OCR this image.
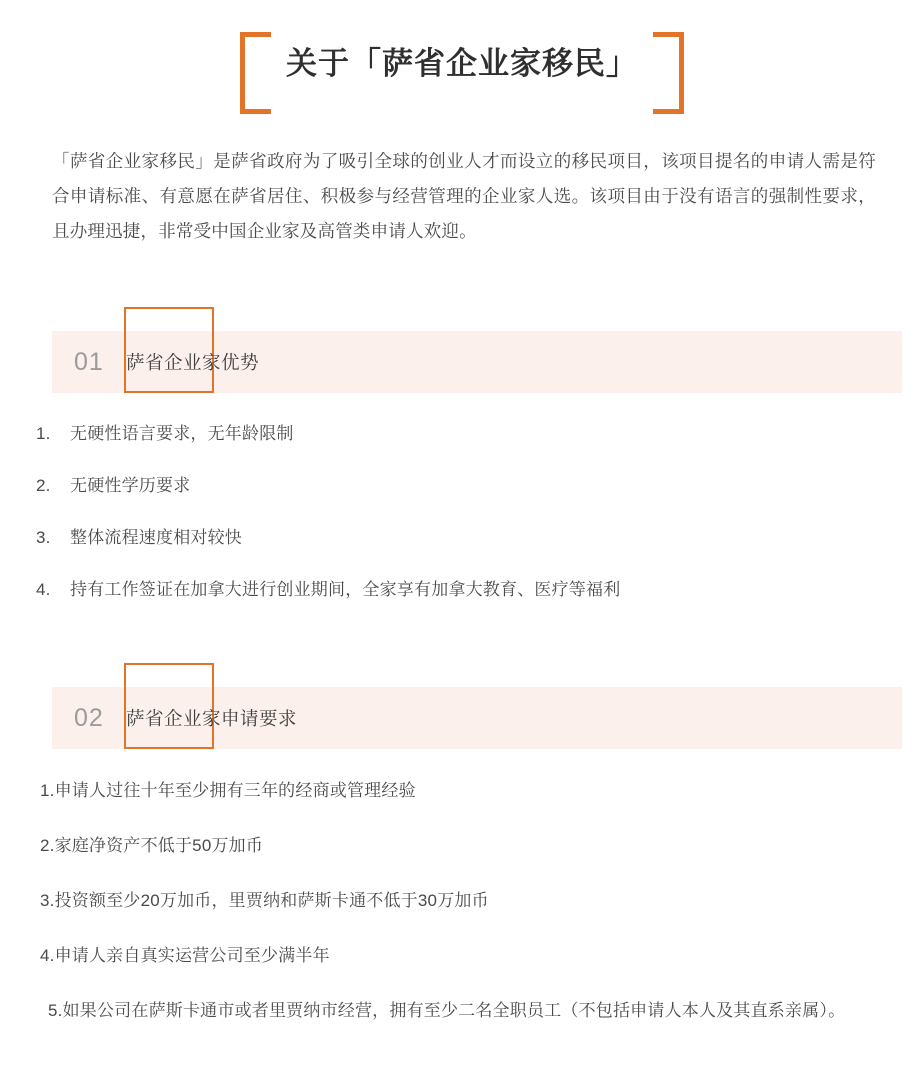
关于「萨省企业家移民」

「萨省企业家移民」是萨省政府为了吸引全球的创业人才而设立的移民项目，该项目提名的申请人需是符合申请标准、有意愿在萨省居住、积极参与经营管理的企业家人选。该项目由于没有语言的强制性要求，且办理迅捷，非常受中国企业家及高管类申请人欢迎。

01	萨省企业家优势
1.	无硬性语言要求，无年龄限制
2.	无硬性学历要求
3.	整体流程速度相对较快
4.	持有工作签证在加拿大进行创业期间，全家享有加拿大教育、医疗等福利
02	萨省企业家申请要求
1.申请人过往十年至少拥有三年的经商或管理经验
2.家庭净资产不低于50万加币
3.投资额至少20万加币，里贾纳和萨斯卡通不低于30万加币
4.申请人亲自真实运营公司至少满半年
5.如果公司在萨斯卡通市或者里贾纳市经营，拥有至少二名全职员工（不包括申请人本人及其直系亲属）。
